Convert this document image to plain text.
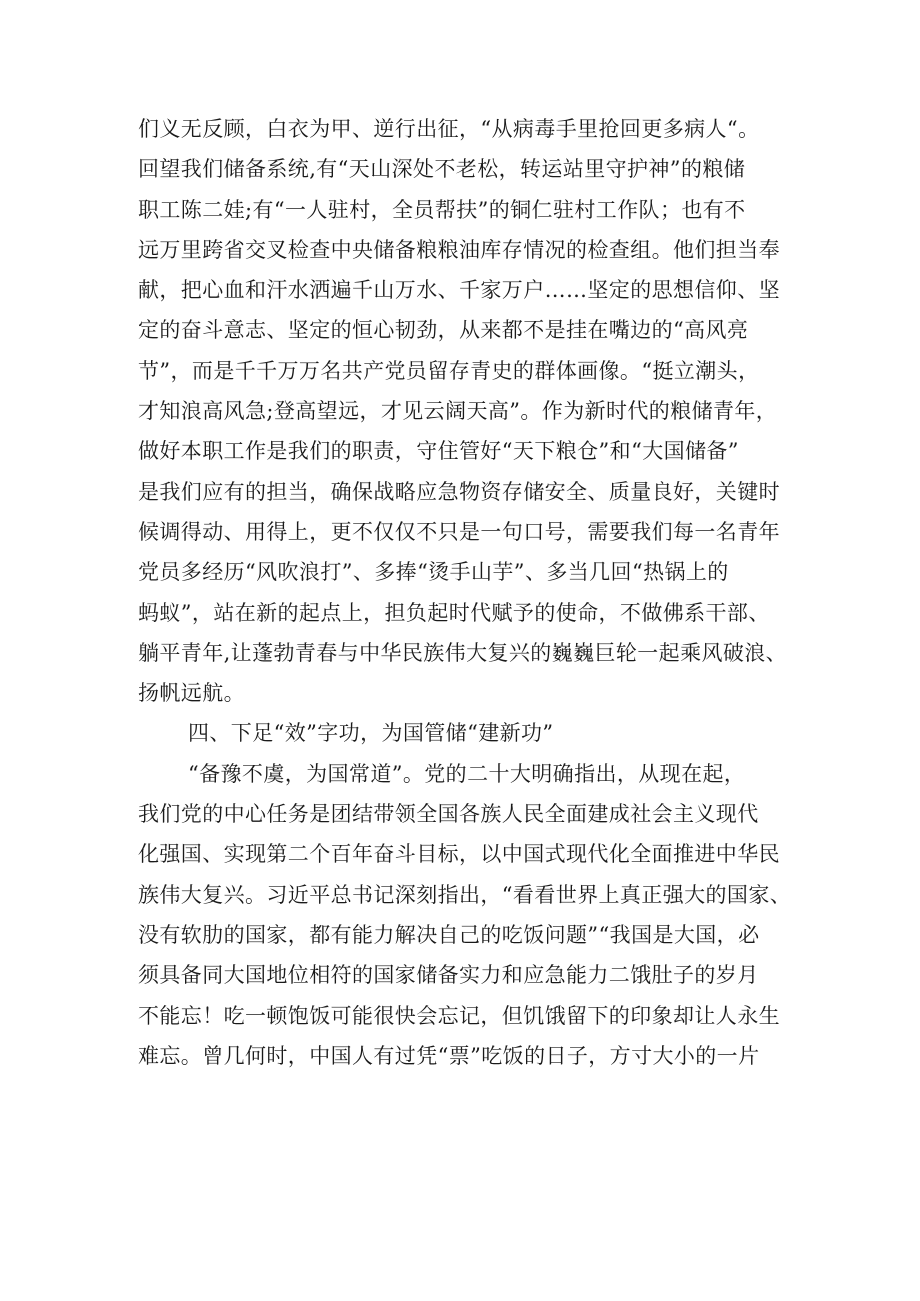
们义无反顾，白衣为甲、逆行出征，“从病毒手里抢回更多病人“。
回望我们储备系统,有“天山深处不老松，转运站里守护神”的粮储
职工陈二娃;有“一人驻村，全员帮扶”的铜仁驻村工作队；也有不
远万里跨省交叉检查中央储备粮粮油库存情况的检查组。他们担当奉
献，把心血和汗水洒遍千山万水、千家万户……坚定的思想信仰、坚
定的奋斗意志、坚定的恒心韧劲，从来都不是挂在嘴边的“高风亮
节”，而是千千万万名共产党员留存青史的群体画像。“挺立潮头，
才知浪高风急;登高望远，才见云阔天高”。作为新时代的粮储青年，
做好本职工作是我们的职责，守住管好“天下粮仓”和“大国储备”
是我们应有的担当，确保战略应急物资存储安全、质量良好，关键时
候调得动、用得上，更不仅仅不只是一句口号，需要我们每一名青年
党员多经历“风吹浪打”、多捧“烫手山芋”、多当几回“热锅上的
蚂蚁”，站在新的起点上，担负起时代赋予的使命，不做佛系干部、
躺平青年,让蓬勃青春与中华民族伟大复兴的巍巍巨轮一起乘风破浪、
扬帆远航。
四、下足“效”字功，为国管储“建新功”
“备豫不虞，为国常道”。党的二十大明确指出，从现在起，
我们党的中心任务是团结带领全国各族人民全面建成社会主义现代
化强国、实现第二个百年奋斗目标，以中国式现代化全面推进中华民
族伟大复兴。习近平总书记深刻指出，“看看世界上真正强大的国家、
没有软肋的国家，都有能力解决自己的吃饭问题”“我国是大国，必
须具备同大国地位相符的国家储备实力和应急能力二饿肚子的岁月
不能忘！吃一顿饱饭可能很快会忘记，但饥饿留下的印象却让人永生
难忘。曾几何时，中国人有过凭“票”吃饭的日子，方寸大小的一片
